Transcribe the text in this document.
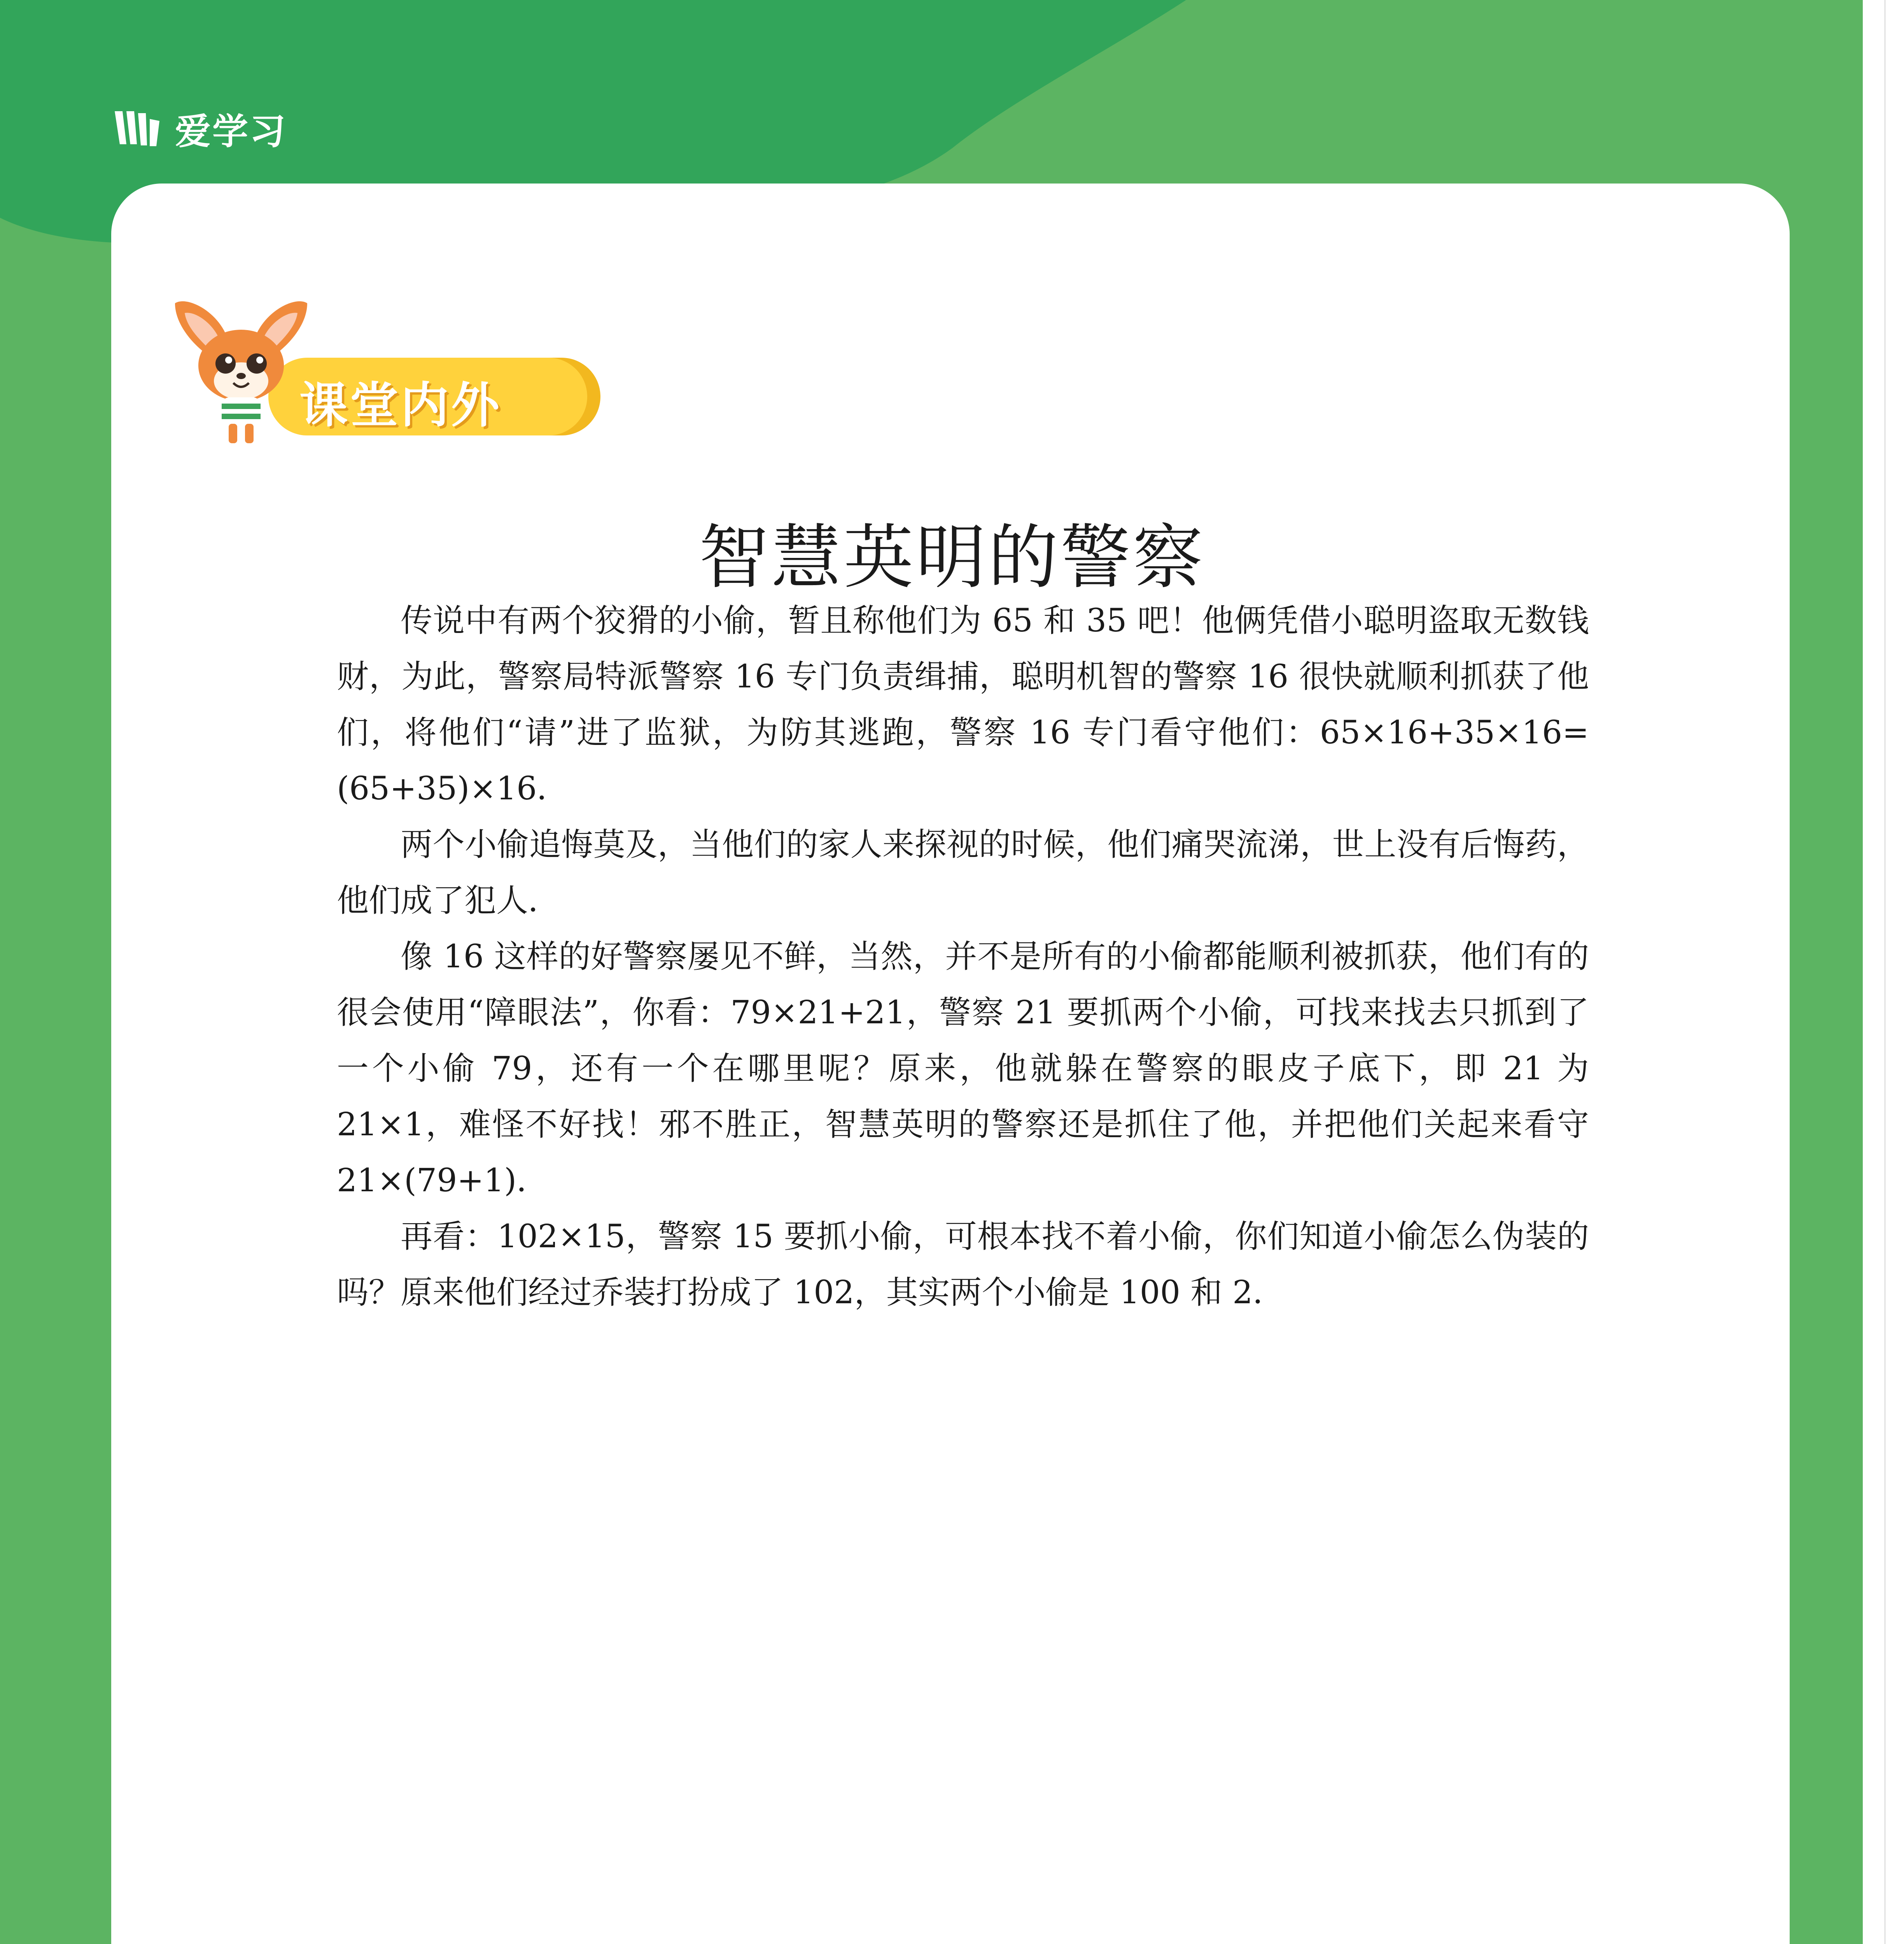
爱学习
课堂内外
智慧英明的警察

传说中有两个狡猾的小偷，暂且称他们为 65 和 35 吧！他俩凭借小聪明盗取无数钱财，为此，警察局特派警察 16 专门负责缉捕，聪明机智的警察 16 很快就顺利抓获了他们，将他们“请”进了监狱，为防其逃跑，警察 16 专门看守他们：65×16+35×16=(65+35)×16．

两个小偷追悔莫及，当他们的家人来探视的时候，他们痛哭流涕，世上没有后悔药，他们成了犯人．

像 16 这样的好警察屡见不鲜，当然，并不是所有的小偷都能顺利被抓获，他们有的很会使用“障眼法”，你看：79×21+21，警察 21 要抓两个小偷，可找来找去只抓到了一个小偷 79，还有一个在哪里呢？原来，他就躲在警察的眼皮子底下，即 21 为 21×1，难怪不好找！邪不胜正，智慧英明的警察还是抓住了他，并把他们关起来看守 21×(79+1)．

再看：102×15，警察 15 要抓小偷，可根本找不着小偷，你们知道小偷怎么伪装的吗？原来他们经过乔装打扮成了 102，其实两个小偷是 100 和 2．
